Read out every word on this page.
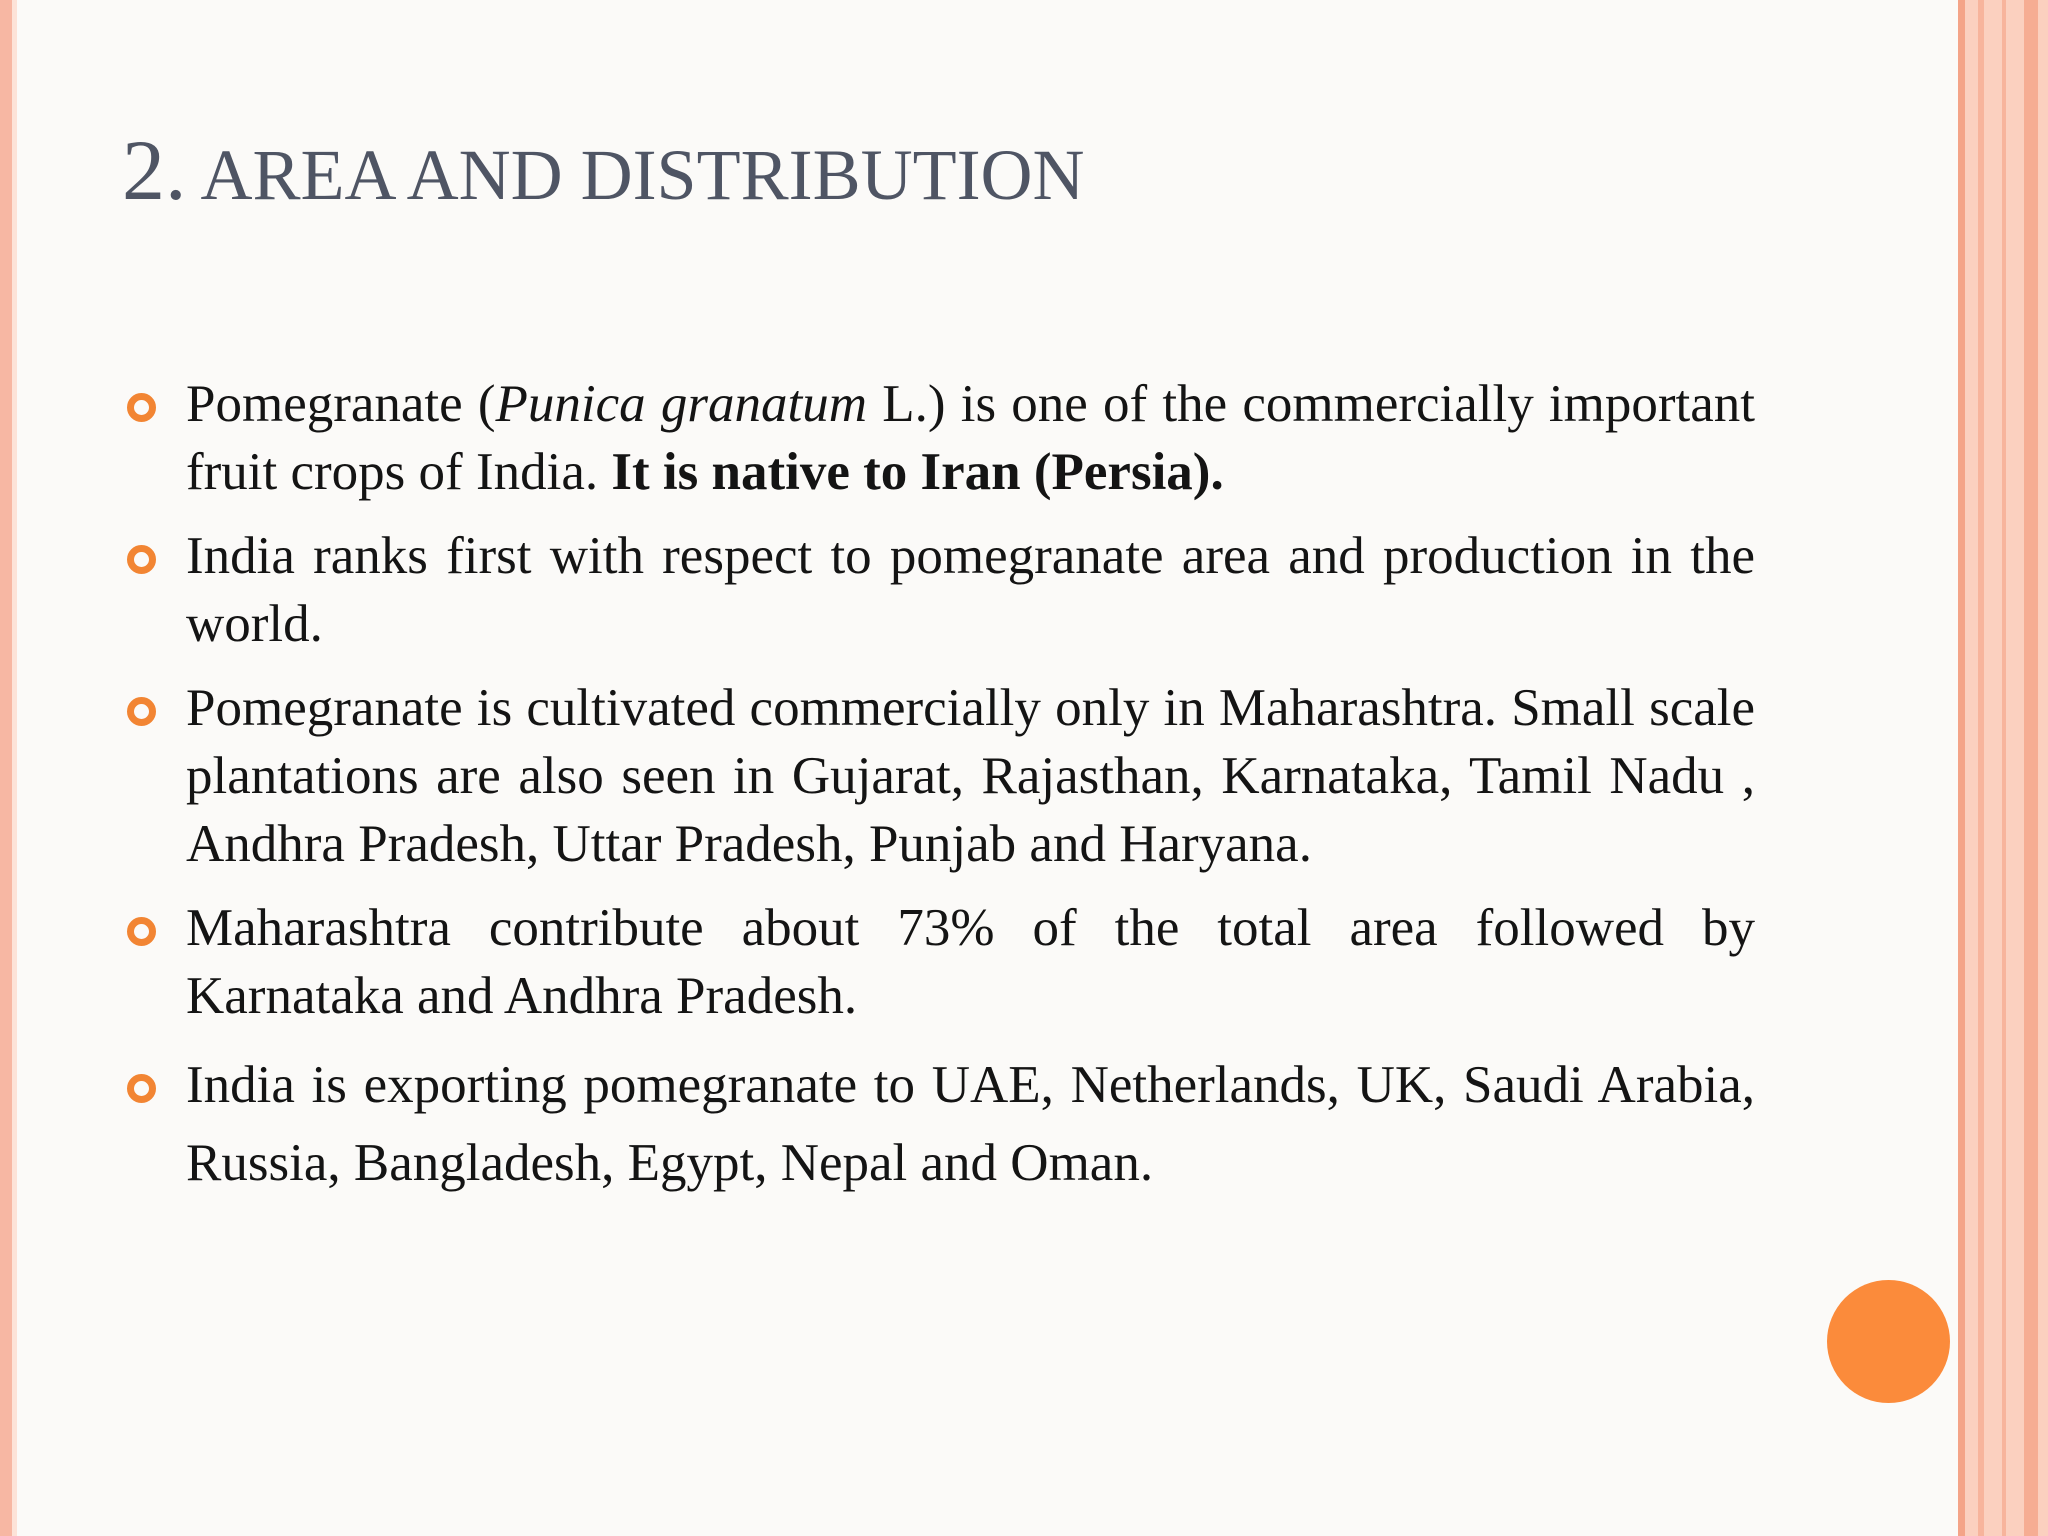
2. AREA AND DISTRIBUTION
Pomegranate (Punica granatum L.) is one of the commercially important fruit crops of India. It is native to Iran (Persia).
India ranks first with respect to pomegranate area and production in the world.
Pomegranate is cultivated commercially only in Maharashtra. Small scale plantations are also seen in Gujarat, Rajasthan, Karnataka, Tamil Nadu , Andhra Pradesh, Uttar Pradesh, Punjab and Haryana.
Maharashtra contribute about 73% of the total area followed by Karnataka and Andhra Pradesh.
India is exporting pomegranate to UAE, Netherlands, UK, Saudi Arabia, Russia, Bangladesh, Egypt, Nepal and Oman.
